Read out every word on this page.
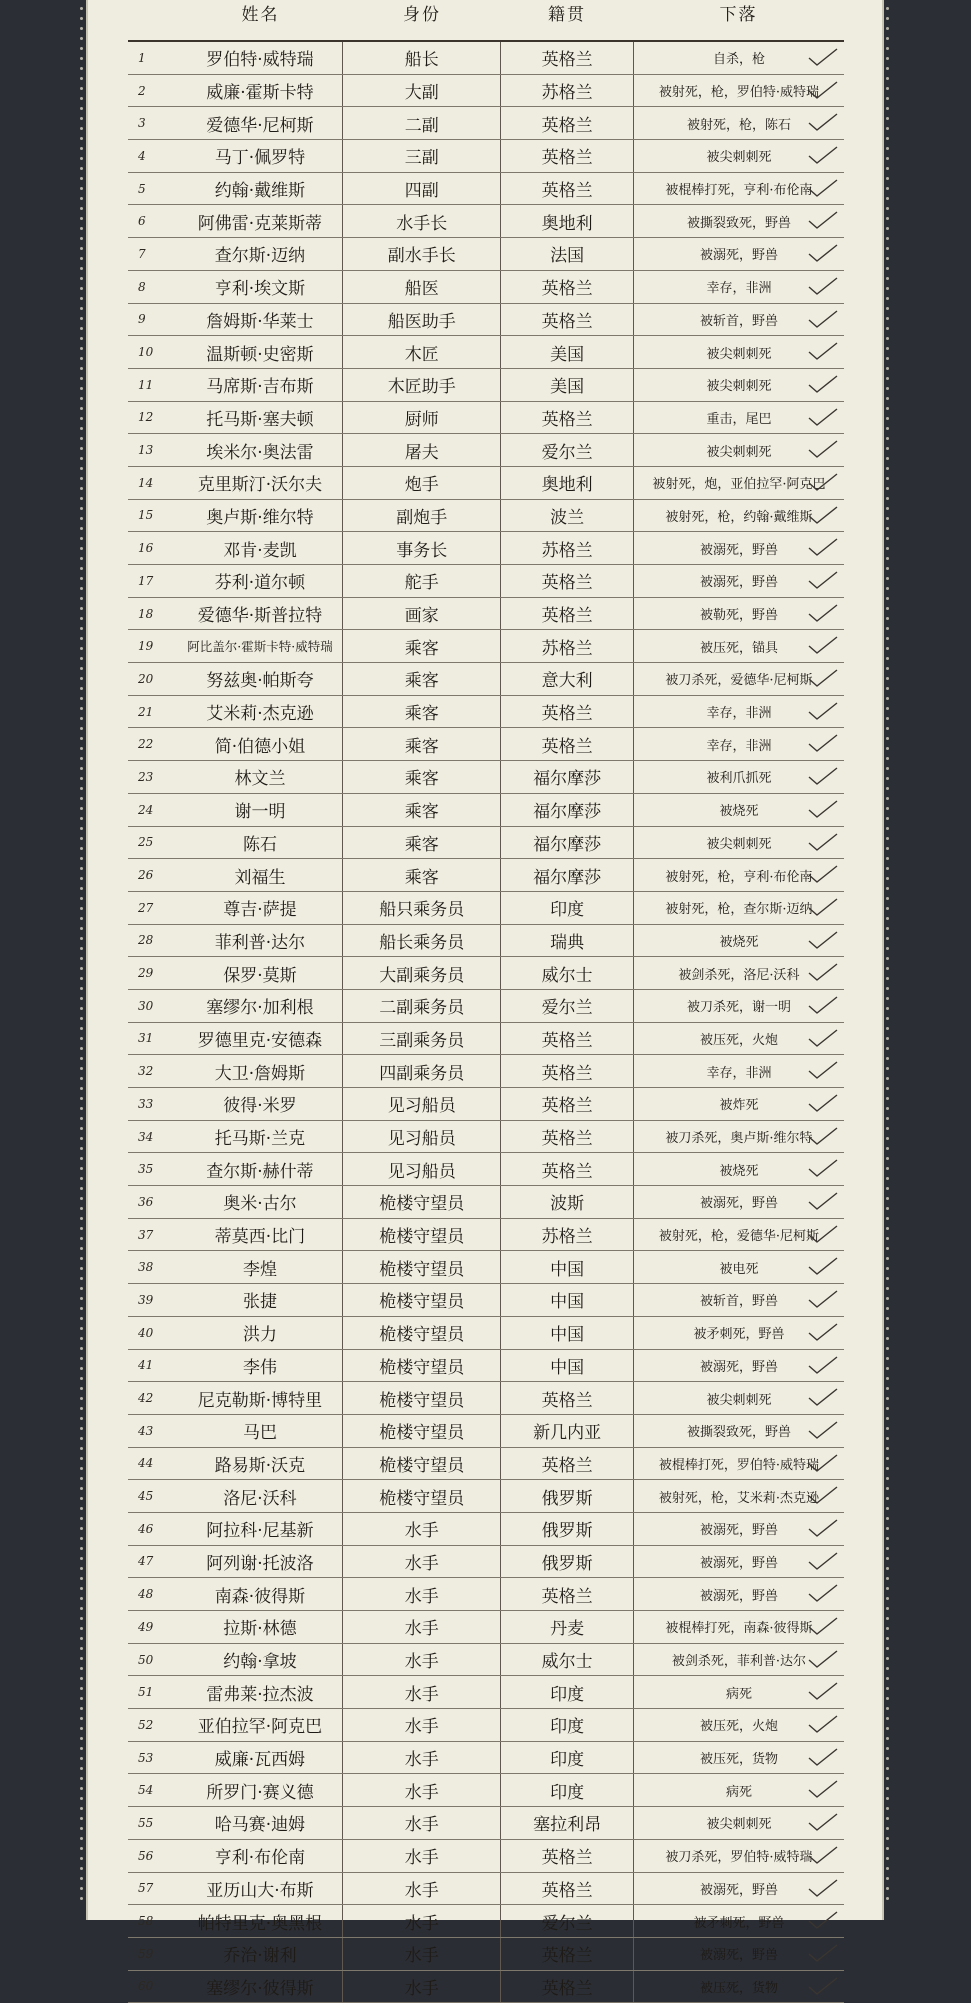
姓名	身份	籍贯	下落
1	罗伯特·威特瑞	船长	英格兰	自杀，枪
2	威廉·霍斯卡特	大副	苏格兰	被射死，枪，罗伯特·威特瑞
3	爱德华·尼柯斯	二副	英格兰	被射死，枪，陈石
4	马丁·佩罗特	三副	英格兰	被尖刺刺死
5	约翰·戴维斯	四副	英格兰	被棍棒打死，亨利·布伦南
6	阿佛雷·克莱斯蒂	水手长	奥地利	被撕裂致死，野兽
7	查尔斯·迈纳	副水手长	法国	被溺死，野兽
8	亨利·埃文斯	船医	英格兰	幸存，非洲
9	詹姆斯·华莱士	船医助手	英格兰	被斩首，野兽
10	温斯顿·史密斯	木匠	美国	被尖刺刺死
11	马席斯·吉布斯	木匠助手	美国	被尖刺刺死
12	托马斯·塞夫顿	厨师	英格兰	重击，尾巴
13	埃米尔·奥法雷	屠夫	爱尔兰	被尖刺刺死
14	克里斯汀·沃尔夫	炮手	奥地利	被射死，炮，亚伯拉罕·阿克巴
15	奥卢斯·维尔特	副炮手	波兰	被射死，枪，约翰·戴维斯
16	邓肯·麦凯	事务长	苏格兰	被溺死，野兽
17	芬利·道尔顿	舵手	英格兰	被溺死，野兽
18	爱德华·斯普拉特	画家	英格兰	被勒死，野兽
19	阿比盖尔·霍斯卡特·威特瑞	乘客	苏格兰	被压死，锚具
20	努兹奥·帕斯夸	乘客	意大利	被刀杀死，爱德华·尼柯斯
21	艾米莉·杰克逊	乘客	英格兰	幸存，非洲
22	简·伯德小姐	乘客	英格兰	幸存，非洲
23	林文兰	乘客	福尔摩莎	被利爪抓死
24	谢一明	乘客	福尔摩莎	被烧死
25	陈石	乘客	福尔摩莎	被尖刺刺死
26	刘福生	乘客	福尔摩莎	被射死，枪，亨利·布伦南
27	尊吉·萨提	船只乘务员	印度	被射死，枪，查尔斯·迈纳
28	菲利普·达尔	船长乘务员	瑞典	被烧死
29	保罗·莫斯	大副乘务员	威尔士	被剑杀死，洛尼·沃科
30	塞缪尔·加利根	二副乘务员	爱尔兰	被刀杀死，谢一明
31	罗德里克·安德森	三副乘务员	英格兰	被压死，火炮
32	大卫·詹姆斯	四副乘务员	英格兰	幸存，非洲
33	彼得·米罗	见习船员	英格兰	被炸死
34	托马斯·兰克	见习船员	英格兰	被刀杀死，奥卢斯·维尔特
35	查尔斯·赫什蒂	见习船员	英格兰	被烧死
36	奥米·古尔	桅楼守望员	波斯	被溺死，野兽
37	蒂莫西·比门	桅楼守望员	苏格兰	被射死，枪，爱德华·尼柯斯
38	李煌	桅楼守望员	中国	被电死
39	张捷	桅楼守望员	中国	被斩首，野兽
40	洪力	桅楼守望员	中国	被矛刺死，野兽
41	李伟	桅楼守望员	中国	被溺死，野兽
42	尼克勒斯·博特里	桅楼守望员	英格兰	被尖刺刺死
43	马巴	桅楼守望员	新几内亚	被撕裂致死，野兽
44	路易斯·沃克	桅楼守望员	英格兰	被棍棒打死，罗伯特·威特瑞
45	洛尼·沃科	桅楼守望员	俄罗斯	被射死，枪，艾米莉·杰克逊
46	阿拉科·尼基新	水手	俄罗斯	被溺死，野兽
47	阿列谢·托波洛	水手	俄罗斯	被溺死，野兽
48	南森·彼得斯	水手	英格兰	被溺死，野兽
49	拉斯·林德	水手	丹麦	被棍棒打死，南森·彼得斯
50	约翰·拿坡	水手	威尔士	被剑杀死，菲利普·达尔
51	雷弗莱·拉杰波	水手	印度	病死
52	亚伯拉罕·阿克巴	水手	印度	被压死，火炮
53	威廉·瓦西姆	水手	印度	被压死，货物
54	所罗门·赛义德	水手	印度	病死
55	哈马赛·迪姆	水手	塞拉利昂	被尖刺刺死
56	亨利·布伦南	水手	英格兰	被刀杀死，罗伯特·威特瑞
57	亚历山大·布斯	水手	英格兰	被溺死，野兽
58	帕特里克·奥黑根	水手	爱尔兰	被矛刺死，野兽
59	乔治·谢利	水手	英格兰	被溺死，野兽
60	塞缪尔·彼得斯	水手	英格兰	被压死，货物
